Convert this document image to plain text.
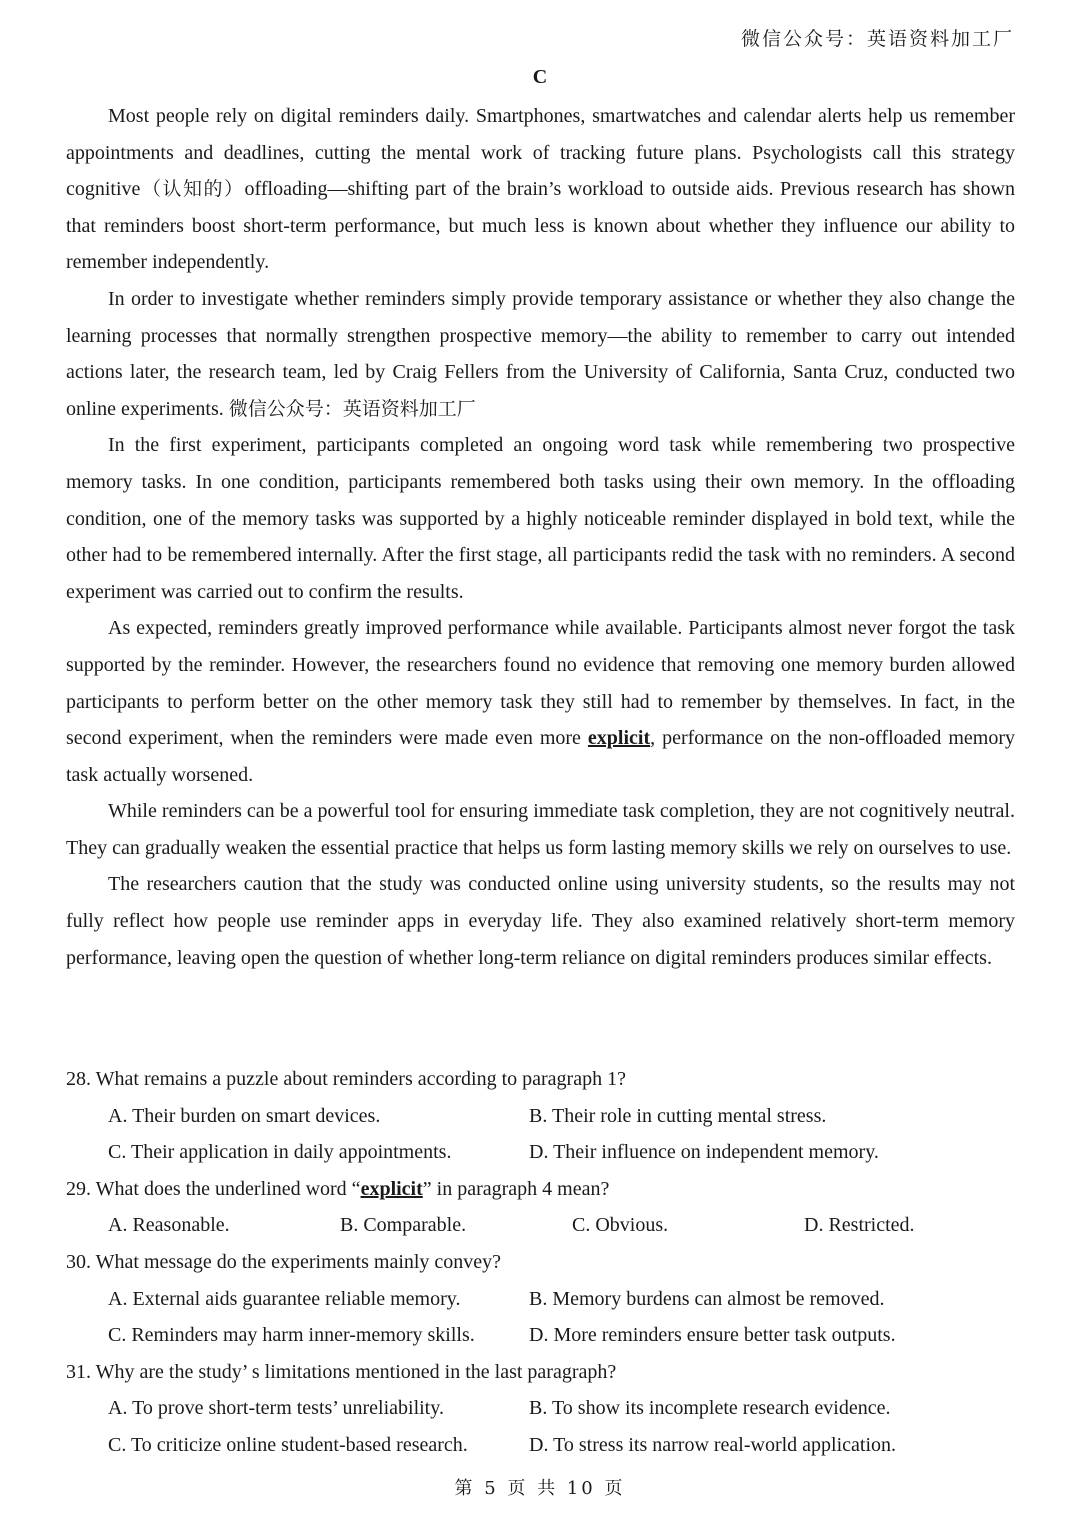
微信公众号：英语资料加工厂
C

Most people rely on digital reminders daily. Smartphones, smartwatches and calendar alerts help us remember appointments and deadlines, cutting the mental work of tracking future plans. Psychologists call this strategy cognitive（认知的）offloading—shifting part of the brain’s workload to outside aids. Previous research has shown that reminders boost short-term performance, but much less is known about whether they influence our ability to remember independently.

In order to investigate whether reminders simply provide temporary assistance or whether they also change the learning processes that normally strengthen prospective memory—the ability to remember to carry out intended actions later, the research team, led by Craig Fellers from the University of California, Santa Cruz, conducted two online experiments. 微信公众号：英语资料加工厂

In the first experiment, participants completed an ongoing word task while remembering two prospective memory tasks. In one condition, participants remembered both tasks using their own memory. In the offloading condition, one of the memory tasks was supported by a highly noticeable reminder displayed in bold text, while the other had to be remembered internally. After the first stage, all participants redid the task with no reminders. A second experiment was carried out to confirm the results.

As expected, reminders greatly improved performance while available. Participants almost never forgot the task supported by the reminder. However, the researchers found no evidence that removing one memory burden allowed participants to perform better on the other memory task they still had to remember by themselves. In fact, in the second experiment, when the reminders were made even more explicit, performance on the non-offloaded memory task actually worsened.

While reminders can be a powerful tool for ensuring immediate task completion, they are not cognitively neutral. They can gradually weaken the essential practice that helps us form lasting memory skills we rely on ourselves to use.

The researchers caution that the study was conducted online using university students, so the results may not fully reflect how people use reminder apps in everyday life. They also examined relatively short-term memory performance, leaving open the question of whether long-term reliance on digital reminders produces similar effects.

28. What remains a puzzle about reminders according to paragraph 1?
A. Their burden on smart devices.	B. Their role in cutting mental stress.
C. Their application in daily appointments.	D. Their influence on independent memory.
29. What does the underlined word “explicit” in paragraph 4 mean?
A. Reasonable.	B. Comparable.	C. Obvious.	D. Restricted.
30. What message do the experiments mainly convey?
A. External aids guarantee reliable memory.	B. Memory burdens can almost be removed.
C. Reminders may harm inner-memory skills.	D. More reminders ensure better task outputs.
31. Why are the study’ s limitations mentioned in the last paragraph?
A. To prove short-term tests’ unreliability.	B. To show its incomplete research evidence.
C. To criticize online student-based research.	D. To stress its narrow real-world application.
第 5 页 共 10 页
